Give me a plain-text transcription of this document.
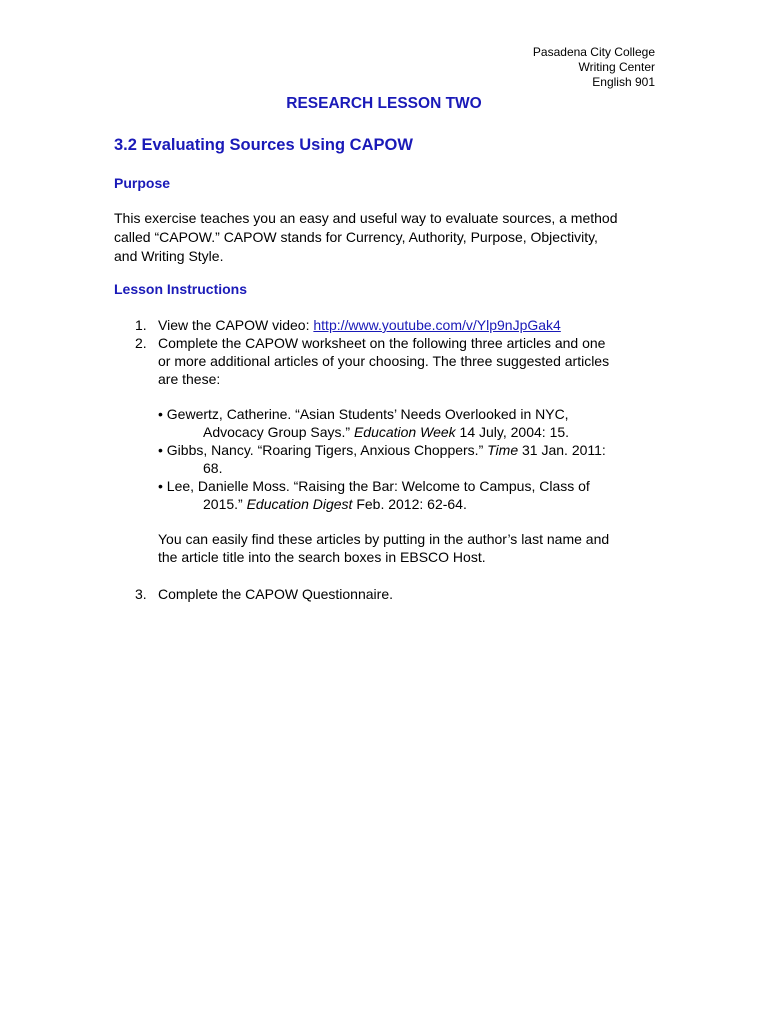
Pasadena City College
Writing Center
English 901
RESEARCH LESSON TWO
3.2 Evaluating Sources Using CAPOW
Purpose
This exercise teaches you an easy and useful way to evaluate sources, a method
called “CAPOW.” CAPOW stands for Currency, Authority, Purpose, Objectivity,
and Writing Style.
Lesson Instructions
1. View the CAPOW video: http://www.youtube.com/v/Ylp9nJpGak4
2. Complete the CAPOW worksheet on the following three articles and one
or more additional articles of your choosing. The three suggested articles
are these:
• Gewertz, Catherine. “Asian Students’ Needs Overlooked in NYC,
Advocacy Group Says.” Education Week 14 July, 2004: 15.
• Gibbs, Nancy. “Roaring Tigers, Anxious Choppers.” Time 31 Jan. 2011:
68.
• Lee, Danielle Moss. “Raising the Bar: Welcome to Campus, Class of
2015.” Education Digest Feb. 2012: 62-64.
You can easily find these articles by putting in the author’s last name and
the article title into the search boxes in EBSCO Host.
3. Complete the CAPOW Questionnaire.
